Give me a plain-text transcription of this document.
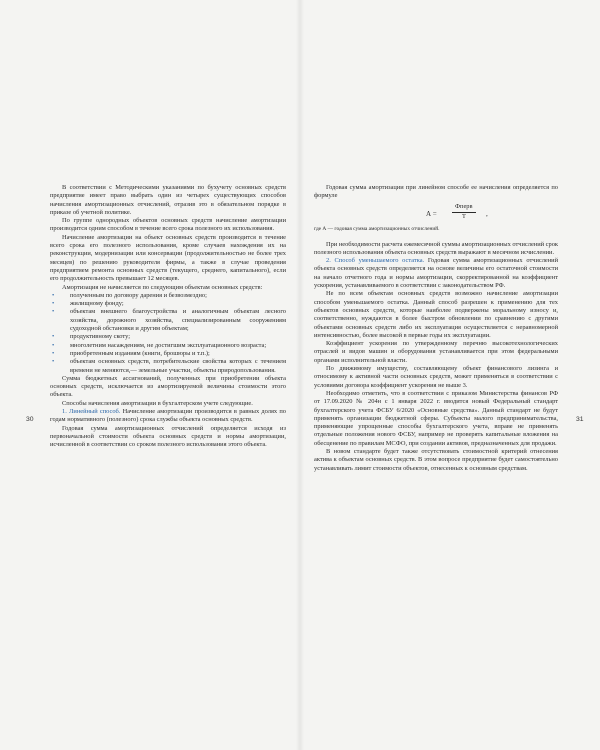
В соответствии с Методическими указаниями по бухучету основных средств предприятие имеет право выбрать один из четырех существующих способов начисления амортизационных отчислений, отразив это в обязательном порядке в приказе об учетной политике.

По группе однородных объектов основных средств начисление амортизации производится одним способом в течение всего срока полезного их использования.

Начисление амортизации на объект основных средств производится в течение всего срока его полезного использования, кроме случаев нахождения их на реконструкции, модернизации или консервации (продолжительностью не более трех месяцев) по решению руководителя фирмы, а также в случае проведения предприятием ремонта основных средств (текущего, среднего, капитального), если его продолжительность превышает 12 месяцев.

Амортизация не начисляется по следующим объектам основных средств:

• полученным по договору дарения и безвозмездно;
• жилищному фонду;
• объектам внешнего благоустройства и аналогичным объектам лесного хозяйства, дорожного хозяйства, специализированным сооружениям судоходной обстановки и другим объектам;
• продуктивному скоту;
• многолетним насаждениям, не достигшим эксплуатационного возраста;
• приобретенным изданиям (книги, брошюры и т.п.);
• объектам основных средств, потребительские свойства которых с течением времени не меняются,— земельные участки, объекты природопользования.

Сумма бюджетных ассигнований, полученных при приобретении объекта основных средств, исключается из амортизируемой величины стоимости этого объекта.

Способы начисления амортизации в бухгалтерском учете следующие.

1. Линейный способ. Начисление амортизации производится в равных долях по годам нормативного (полезного) срока службы объекта основных средств.

Годовая сумма амортизационных отчислений определяется исходя из первоначальной стоимости объекта основных средств и нормы амортизации, исчисленной в соответствии со сроком полезного использования этого объекта.

30

Годовая сумма амортизации при линейном способе ее начисления определяется по формуле

А =
Фперв
Т	,

где А — годовая сумма амортизационных отчислений.

При необходимости расчета ежемесячной суммы амортизационных отчислений срок полезного использования объекта основных средств выражают в месячном исчислении.

2. Способ уменьшаемого остатка. Годовая сумма амортизационных отчислений объекта основных средств определяется на основе величины его остаточной стоимости на начало отчетного года и нормы амортизации, скорректированной на коэффициент ускорения, устанавливаемого в соответствии с законодательством РФ.

Не по всем объектам основных средств возможно начисление амортизации способом уменьшаемого остатка. Данный способ разрешен к применению для тех объектов основных средств, которые наиболее подвержены моральному износу и, соответственно, нуждаются в более быстром обновлении по сравнению с другими объектами основных средств либо их эксплуатация осуществляется с неравномерной интенсивностью, более высокой в первые годы их эксплуатации.

Коэффициент ускорения по утвержденному перечню высокотехнологических отраслей и видов машин и оборудования устанавливается при этом федеральными органами исполнительной власти.

По движимому имуществу, составляющему объект финансового лизинга и относимому к активной части основных средств, может применяться в соответствии с условиями договора коэффициент ускорения не выше 3.

Необходимо отметить, что в соответствии с приказом Министерства финансов РФ от 17.09.2020 № 204н с 1 января 2022 г. вводится новый Федеральный стандарт бухгалтерского учета ФСБУ 6/2020 «Основные средства». Данный стандарт не будут применять организации бюджетной сферы. Субъекты малого предпринимательства, применяющие упрощенные способы бухгалтерского учета, вправе не применять отдельные положения нового ФСБУ, например не проверять капитальные вложения на обесценение по правилам МСФО, при создании активов, предназначенных для продажи.

В новом стандарте будет также отсутствовать стоимостной критерий отнесения актива к объектам основных средств. В этом вопросе предприятие будет самостоятельно устанавливать лимит стоимости объектов, отнесенных к основным средствам.

31
